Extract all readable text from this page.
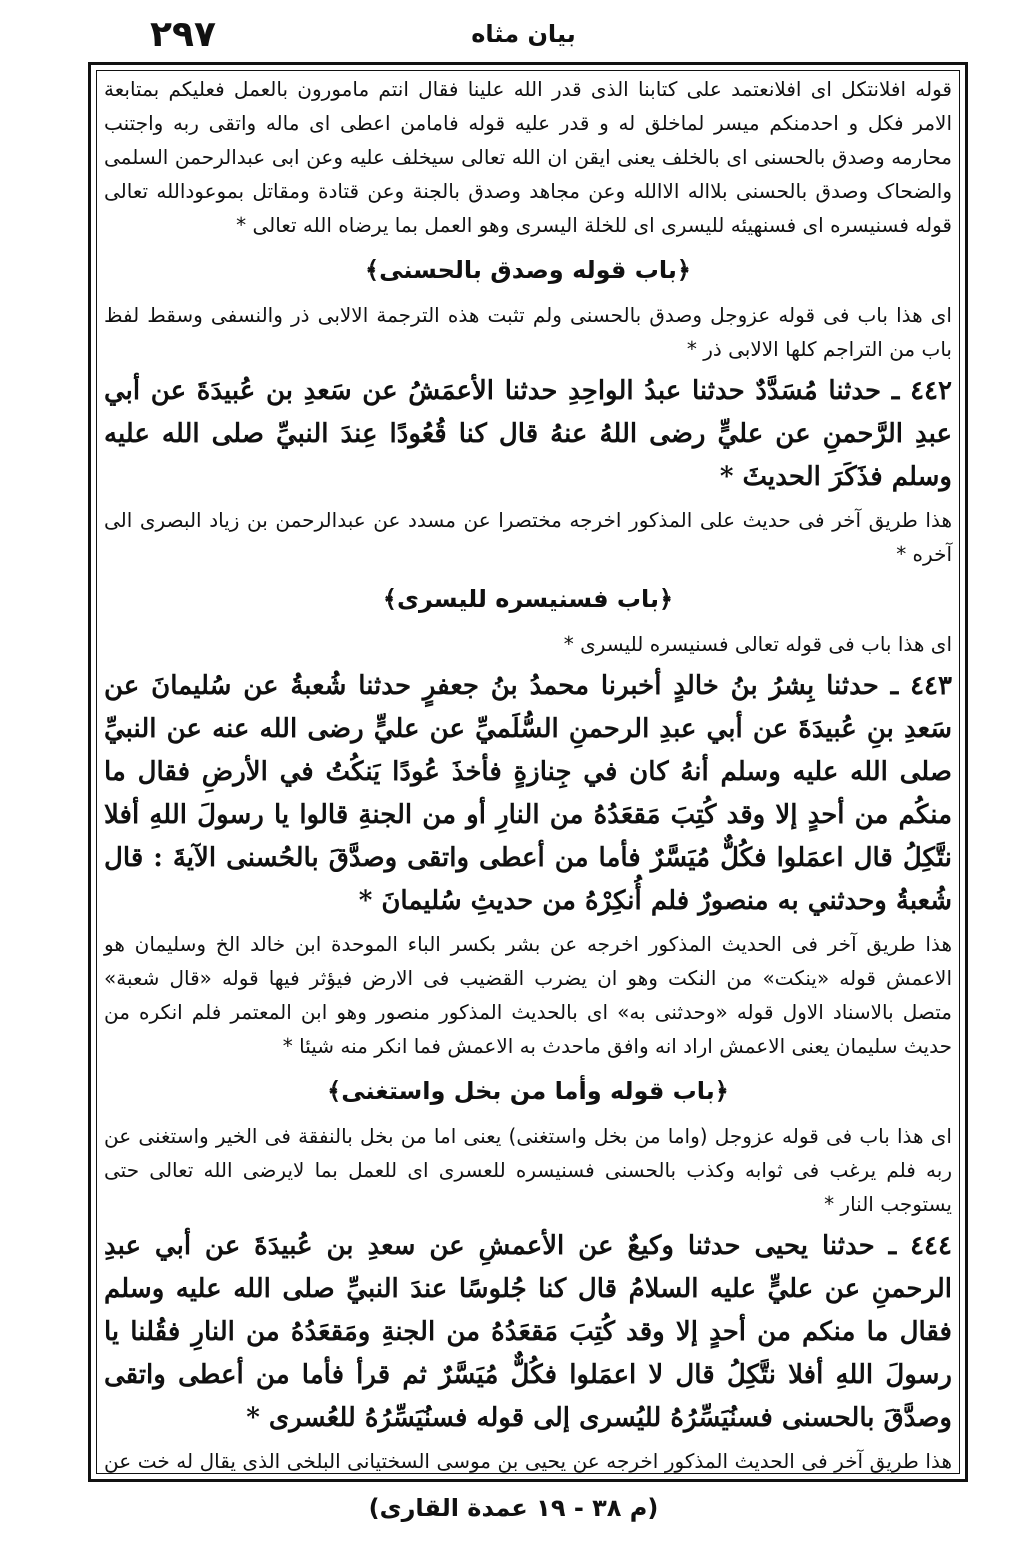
٢٩٧	بیان مثاه

قوله افلانتکل ای افلانعتمد علی کتابنا الذی قدر الله علینا فقال انتم مامورون بالعمل فعلیکم بمتابعة الامر فکل و احدمنکم میسر لماخلق له و قدر علیه قوله فامامن اعطی ای ماله واتقی ربه واجتنب محارمه وصدق بالحسنی ای بالخلف یعنی ایقن ان الله تعالی سیخلف علیه وعن ابی عبدالرحمن السلمی والضحاک وصدق بالحسنی بلااله الاالله وعن مجاهد وصدق بالجنة وعن قتادة ومقاتل بموعودالله تعالی قوله فسنیسره ای فسنهیئه للیسری ای للخلة الیسری وهو العمل بما یرضاه الله تعالی *

﴿باب قوله وصدق بالحسنى﴾

ای هذا باب فی قوله عزوجل وصدق بالحسنی ولم تثبت هذه الترجمة الالابی ذر والنسفی وسقط لفظ باب من التراجم کلها الالابی ذر *

٤٤٢ ـ حدثنا مُسَدَّدٌ حدثنا عبدُ الواحِدِ حدثنا الأعمَشُ عن سَعدِ بن عُبيدَةَ عن أبي عبدِ الرَّحمنِ عن عليٍّ رضى اللهُ عنهُ قال كنا قُعُودًا عِندَ النبيِّ صلى الله عليه وسلم فذَكَرَ الحديثَ *

هذا طریق آخر فی حدیث علی المذکور اخرجه مختصرا عن مسدد عن عبدالرحمن بن زیاد البصری الی آخره *

﴿باب فسنيسره لليسرى﴾

ای هذا باب فی قوله تعالی فسنیسره للیسری *

٤٤٣ ـ حدثنا بِشرُ بنُ خالدٍ أخبرنا محمدُ بنُ جعفرٍ حدثنا شُعبةُ عن سُليمانَ عن سَعدِ بنِ عُبيدَةَ عن أبي عبدِ الرحمنِ السُّلَميِّ عن عليٍّ رضى الله عنه عن النبيِّ صلى الله عليه وسلم أنهُ كان في جِنازةٍ فأخذَ عُودًا يَنكُتُ في الأرضِ فقال ما منكُم من أحدٍ إلا وقد كُتِبَ مَقعَدُهُ من النارِ أو من الجنةِ قالوا يا رسولَ اللهِ أفلا نتَّكِلُ قال اعمَلوا فكُلٌّ مُيَسَّرٌ فأما من أعطى واتقى وصدَّقَ بالحُسنى الآيةَ : قال شُعبةُ وحدثني به منصورٌ فلم أُنكِرْهُ من حديثِ سُليمانَ *

هذا طریق آخر فی الحدیث المذکور اخرجه عن بشر بکسر الباء الموحدة ابن خالد الخ وسلیمان هو الاعمش قوله «ینکت» من النکت وهو ان یضرب القضیب فی الارض فیؤثر فیها قوله «قال شعبة» متصل بالاسناد الاول قوله «وحدثنی به» ای بالحدیث المذکور منصور وهو ابن المعتمر فلم انکره من حدیث سلیمان یعنی الاعمش اراد انه وافق ماحدث به الاعمش فما انکر منه شیئا *

﴿باب قوله وأما من بخل واستغنى﴾

ای هذا باب فی قوله عزوجل (واما من بخل واستغنی) یعنی اما من بخل بالنفقة فی الخیر واستغنی عن ربه فلم یرغب فی ثوابه وکذب بالحسنی فسنیسره للعسری ای للعمل بما لایرضی الله تعالی حتی یستوجب النار *

٤٤٤ ـ حدثنا يحيى حدثنا وكيعٌ عن الأعمشِ عن سعدِ بن عُبيدَةَ عن أبي عبدِ الرحمنِ عن عليٍّ عليه السلامُ قال كنا جُلوسًا عندَ النبيِّ صلى الله عليه وسلم فقال ما منكم من أحدٍ إلا وقد كُتِبَ مَقعَدُهُ من الجنةِ ومَقعَدُهُ من النارِ فقُلنا يا رسولَ اللهِ أفلا نتَّكِلُ قال لا اعمَلوا فكُلٌّ مُيَسَّرٌ ثم قرأ فأما من أعطى واتقى وصدَّقَ بالحسنى فسنُيَسِّرُهُ لليُسرى إلى قوله فسنُيَسِّرُهُ للعُسرى *

هذا طریق آخر فی الحدیث المذکور اخرجه عن یحیی بن موسی السختیانی البلخی الذی یقال له خت عن

(م ٣٨ - ١٩ عمدة القاری)
